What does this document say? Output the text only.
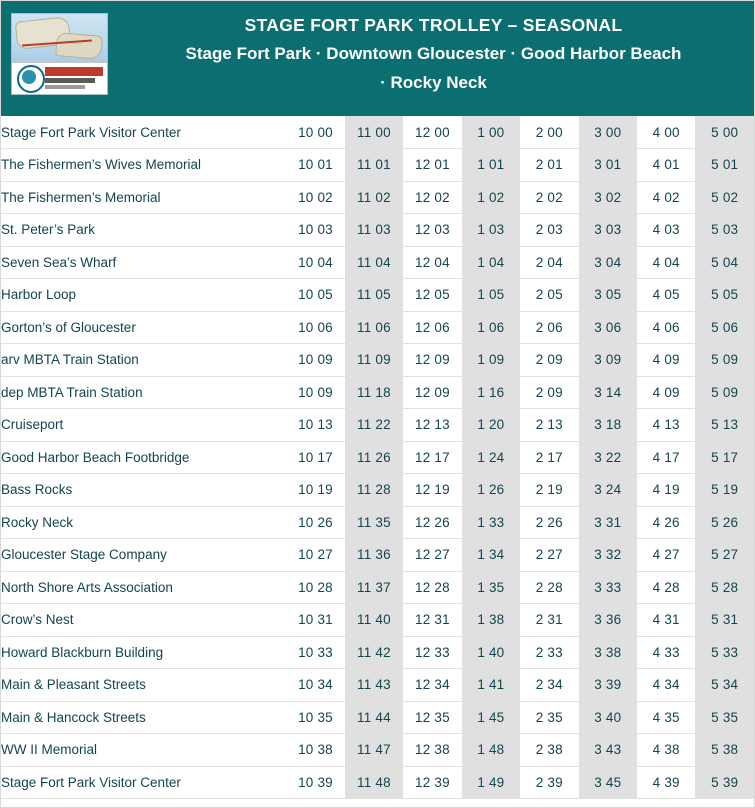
STAGE FORT PARK TROLLEY – SEASONAL
Stage Fort Park · Downtown Gloucester · Good Harbor Beach
· Rocky Neck
Stage Fort Park Visitor Center	10 00	11 00	12 00	1 00	2 00	3 00	4 00	5 00
The Fishermen’s Wives Memorial	10 01	11 01	12 01	1 01	2 01	3 01	4 01	5 01
The Fishermen’s Memorial	10 02	11 02	12 02	1 02	2 02	3 02	4 02	5 02
St. Peter’s Park	10 03	11 03	12 03	1 03	2 03	3 03	4 03	5 03
Seven Sea’s Wharf	10 04	11 04	12 04	1 04	2 04	3 04	4 04	5 04
Harbor Loop	10 05	11 05	12 05	1 05	2 05	3 05	4 05	5 05
Gorton’s of Gloucester	10 06	11 06	12 06	1 06	2 06	3 06	4 06	5 06
arv MBTA Train Station	10 09	11 09	12 09	1 09	2 09	3 09	4 09	5 09
dep MBTA Train Station	10 09	11 18	12 09	1 16	2 09	3 14	4 09	5 09
Cruiseport	10 13	11 22	12 13	1 20	2 13	3 18	4 13	5 13
Good Harbor Beach Footbridge	10 17	11 26	12 17	1 24	2 17	3 22	4 17	5 17
Bass Rocks	10 19	11 28	12 19	1 26	2 19	3 24	4 19	5 19
Rocky Neck	10 26	11 35	12 26	1 33	2 26	3 31	4 26	5 26
Gloucester Stage Company	10 27	11 36	12 27	1 34	2 27	3 32	4 27	5 27
North Shore Arts Association	10 28	11 37	12 28	1 35	2 28	3 33	4 28	5 28
Crow’s Nest	10 31	11 40	12 31	1 38	2 31	3 36	4 31	5 31
Howard Blackburn Building	10 33	11 42	12 33	1 40	2 33	3 38	4 33	5 33
Main & Pleasant Streets	10 34	11 43	12 34	1 41	2 34	3 39	4 34	5 34
Main & Hancock Streets	10 35	11 44	12 35	1 45	2 35	3 40	4 35	5 35
WW II Memorial	10 38	11 47	12 38	1 48	2 38	3 43	4 38	5 38
Stage Fort Park Visitor Center	10 39	11 48	12 39	1 49	2 39	3 45	4 39	5 39
